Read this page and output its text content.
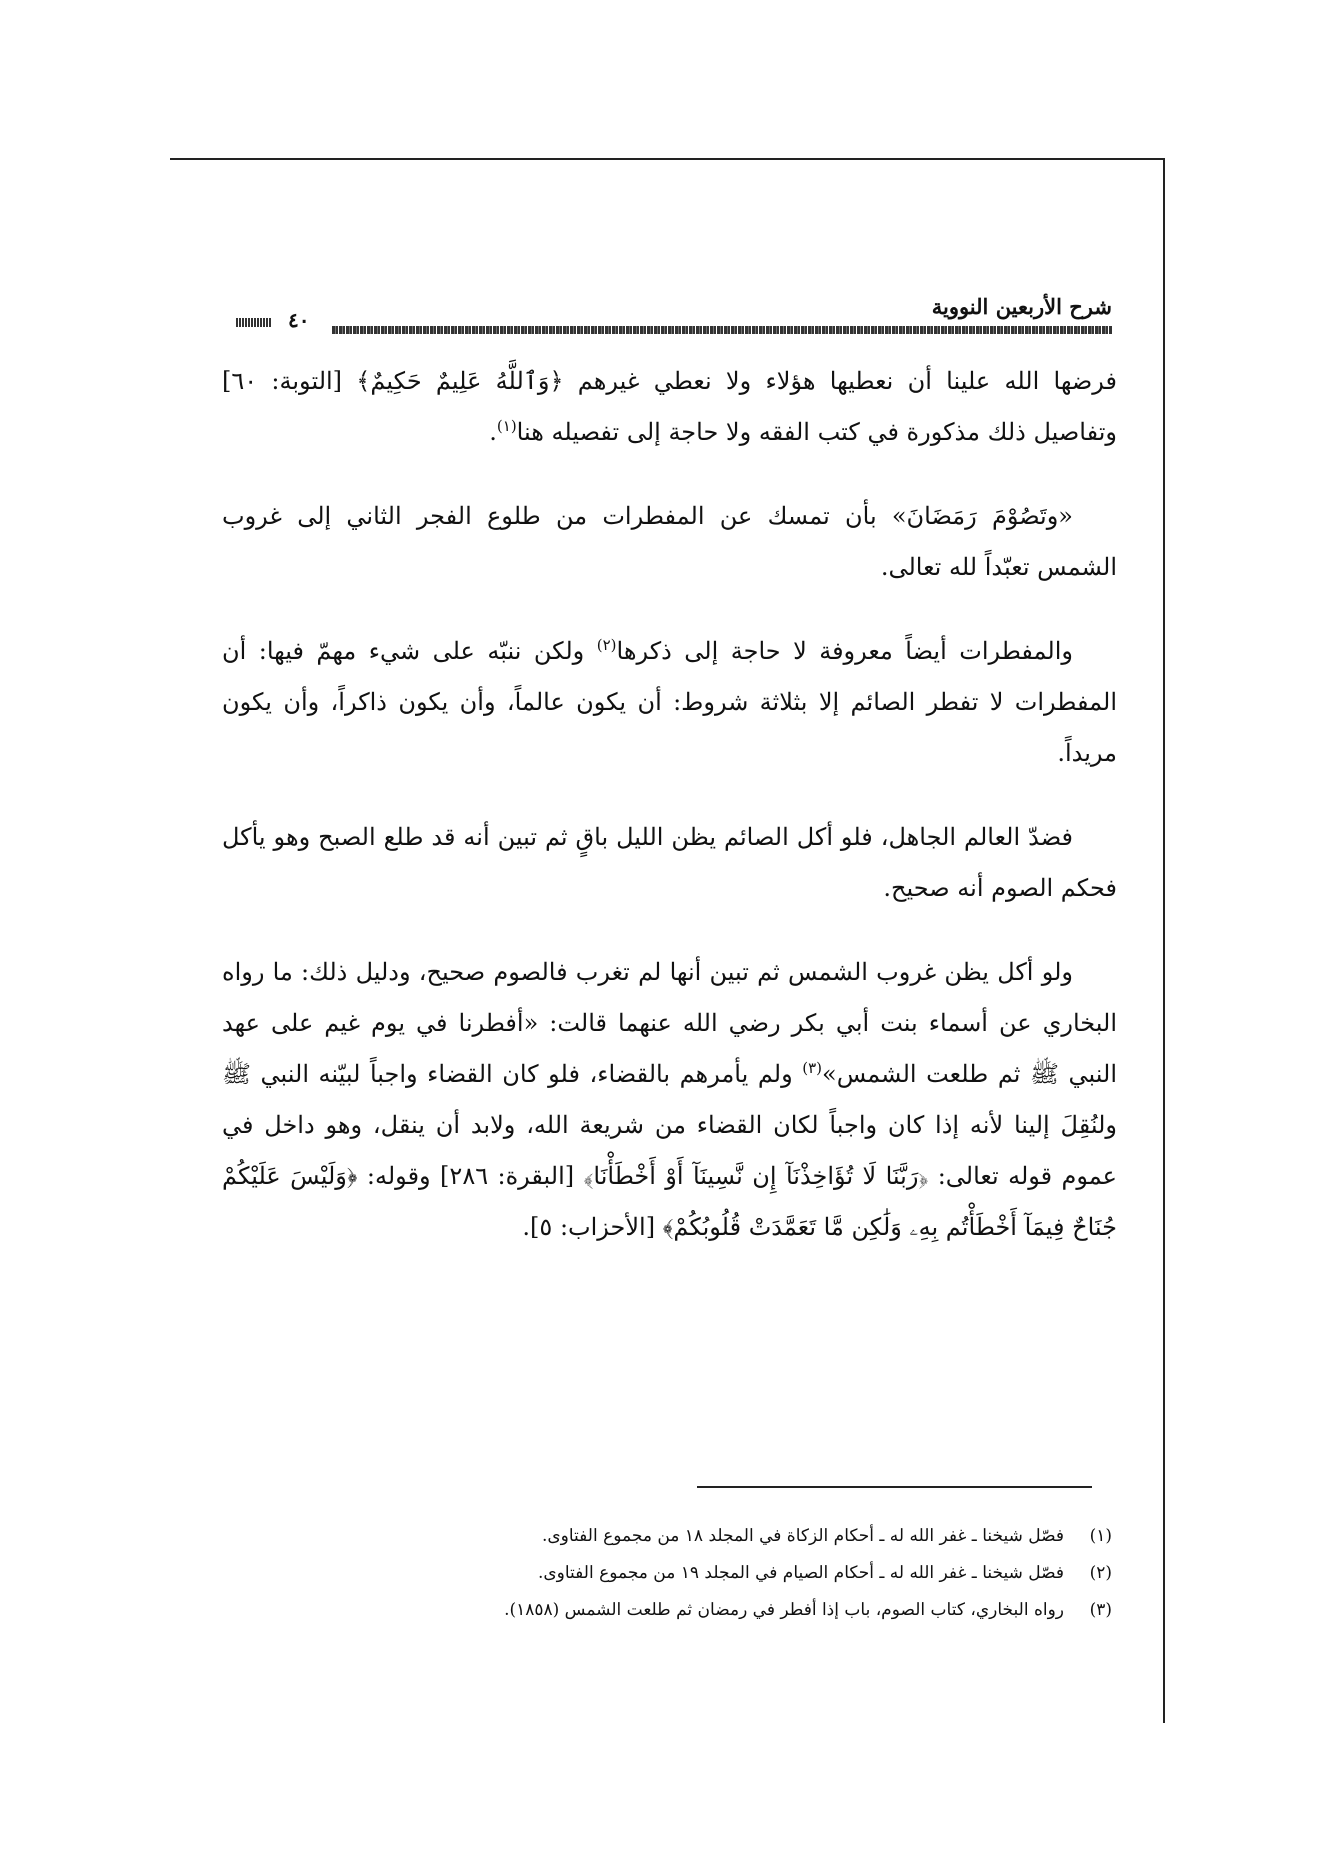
شرح الأربعين النووية
٤٠

فرضها الله علينا أن نعطيها هؤلاء ولا نعطي غيرهم ﴿وَٱللَّهُ عَلِيمٌ حَكِيمٌ﴾ [التوبة: ٦٠] وتفاصيل ذلك مذكورة في كتب الفقه ولا حاجة إلى تفصيله هنا$^{(١)}$.

«وتَصُوْمَ رَمَضَانَ» بأن تمسك عن المفطرات من طلوع الفجر الثاني إلى غروب الشمس تعبّداً لله تعالى.

والمفطرات أيضاً معروفة لا حاجة إلى ذكرها$^{(٢)}$ ولكن ننبّه على شيء مهمّ فيها: أن المفطرات لا تفطر الصائم إلا بثلاثة شروط: أن يكون عالماً، وأن يكون ذاكراً، وأن يكون مريداً.

فضدّ العالم الجاهل، فلو أكل الصائم يظن الليل باقٍ ثم تبين أنه قد طلع الصبح وهو يأكل فحكم الصوم أنه صحيح.

ولو أكل يظن غروب الشمس ثم تبين أنها لم تغرب فالصوم صحيح، ودليل ذلك: ما رواه البخاري عن أسماء بنت أبي بكر رضي الله عنهما قالت: «أفطرنا في يوم غيم على عهد النبي ﷺ ثم طلعت الشمس»$^{(٣)}$ ولم يأمرهم بالقضاء، فلو كان القضاء واجباً لبيّنه النبي ﷺ ولنُقِلَ إلينا لأنه إذا كان واجباً لكان القضاء من شريعة الله، ولابد أن ينقل، وهو داخل في عموم قوله تعالى: ﴿رَبَّنَا لَا تُؤَاخِذْنَآ إِن نَّسِينَآ أَوْ أَخْطَأْنَا﴾ [البقرة: ٢٨٦] وقوله: ﴿وَلَيْسَ عَلَيْكُمْ جُنَاحٌ فِيمَآ أَخْطَأْتُم بِهِۦ وَلَٰكِن مَّا تَعَمَّدَتْ قُلُوبُكُمْ﴾ [الأحزاب: ٥].

(١)
فصّل شيخنا ـ غفر الله له ـ أحكام الزكاة في المجلد ١٨ من مجموع الفتاوى.
(٢)
فصّل شيخنا ـ غفر الله له ـ أحكام الصيام في المجلد ١٩ من مجموع الفتاوى.
(٣)
رواه البخاري، كتاب الصوم، باب إذا أفطر في رمضان ثم طلعت الشمس (١٨٥٨).
